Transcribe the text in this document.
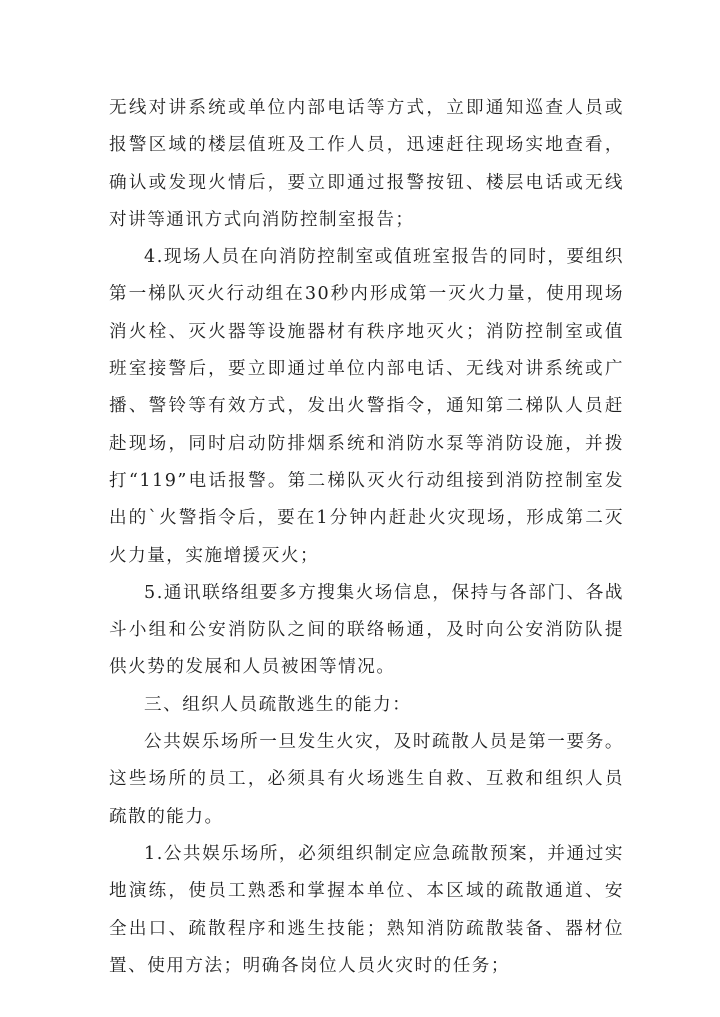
无线对讲系统或单位内部电话等方式，立即通知巡查人员或报警区域的楼层值班及工作人员，迅速赶往现场实地查看，确认或发现火情后，要立即通过报警按钮、楼层电话或无线对讲等通讯方式向消防控制室报告；

4.现场人员在向消防控制室或值班室报告的同时，要组织第一梯队灭火行动组在30秒内形成第一灭火力量，使用现场消火栓、灭火器等设施器材有秩序地灭火；消防控制室或值班室接警后，要立即通过单位内部电话、无线对讲系统或广播、警铃等有效方式，发出火警指令，通知第二梯队人员赶赴现场，同时启动防排烟系统和消防水泵等消防设施，并拨打“119”电话报警。第二梯队灭火行动组接到消防控制室发出的`火警指令后，要在1分钟内赶赴火灾现场，形成第二灭火力量，实施增援灭火；

5.通讯联络组要多方搜集火场信息，保持与各部门、各战斗小组和公安消防队之间的联络畅通，及时向公安消防队提供火势的发展和人员被困等情况。

三、组织人员疏散逃生的能力：

公共娱乐场所一旦发生火灾，及时疏散人员是第一要务。这些场所的员工，必须具有火场逃生自救、互救和组织人员疏散的能力。

1.公共娱乐场所，必须组织制定应急疏散预案，并通过实地演练，使员工熟悉和掌握本单位、本区域的疏散通道、安全出口、疏散程序和逃生技能；熟知消防疏散装备、器材位置、使用方法；明确各岗位人员火灾时的任务；
